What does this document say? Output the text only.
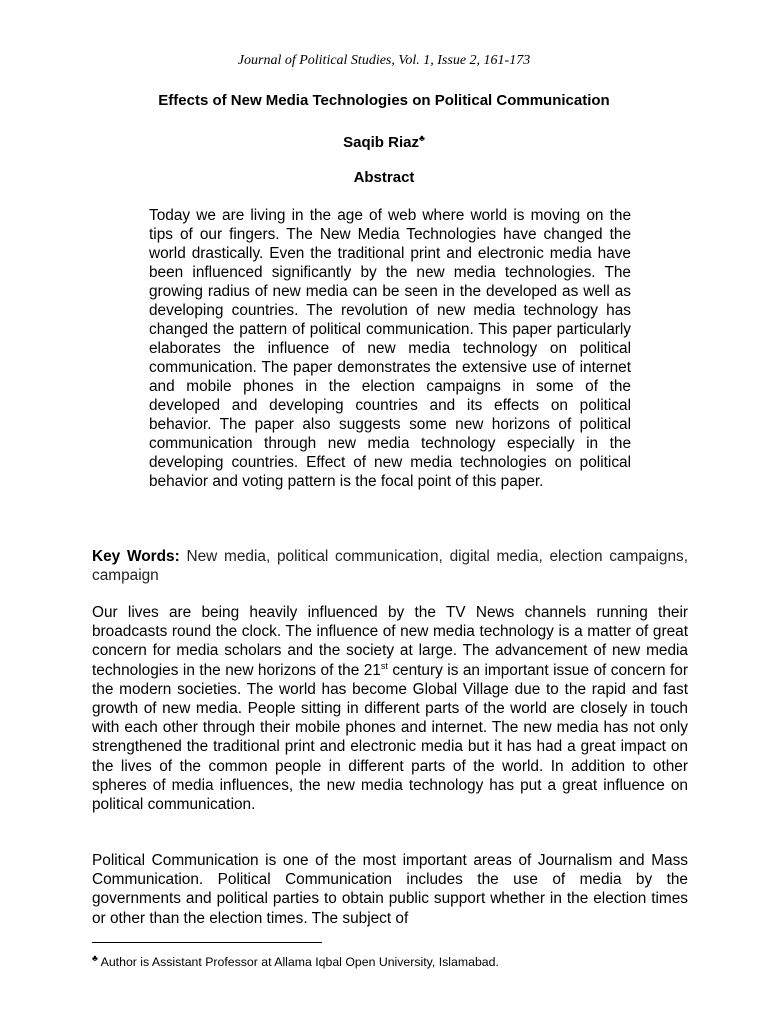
Journal of Political Studies, Vol. 1, Issue 2, 161-173
Effects of New Media Technologies on Political Communication
Saqib Riaz♣
Abstract

Today we are living in the age of web where world is moving on the tips of our fingers. The New Media Technologies have changed the world drastically. Even the traditional print and electronic media have been influenced significantly by the new media technologies. The growing radius of new media can be seen in the developed as well as developing countries. The revolution of new media technology has changed the pattern of political communication. This paper particularly elaborates the influence of new media technology on political communication. The paper demonstrates the extensive use of internet and mobile phones in the election campaigns in some of the developed and developing countries and its effects on political behavior. The paper also suggests some new horizons of political communication through new media technology especially in the developing countries. Effect of new media technologies on political behavior and voting pattern is the focal point of this paper.

Key Words: New media, political communication, digital media, election campaigns, campaign

Our lives are being heavily influenced by the TV News channels running their broadcasts round the clock. The influence of new media technology is a matter of great concern for media scholars and the society at large. The advancement of new media technologies in the new horizons of the 21st century is an important issue of concern for the modern societies. The world has become Global Village due to the rapid and fast growth of new media. People sitting in different parts of the world are closely in touch with each other through their mobile phones and internet. The new media has not only strengthened the traditional print and electronic media but it has had a great impact on the lives of the common people in different parts of the world. In addition to other spheres of media influences, the new media technology has put a great influence on political communication.

Political Communication is one of the most important areas of Journalism and Mass Communication. Political Communication includes the use of media by the governments and political parties to obtain public support whether in the election times or other than the election times. The subject of

♣ Author is Assistant Professor at Allama Iqbal Open University, Islamabad.
